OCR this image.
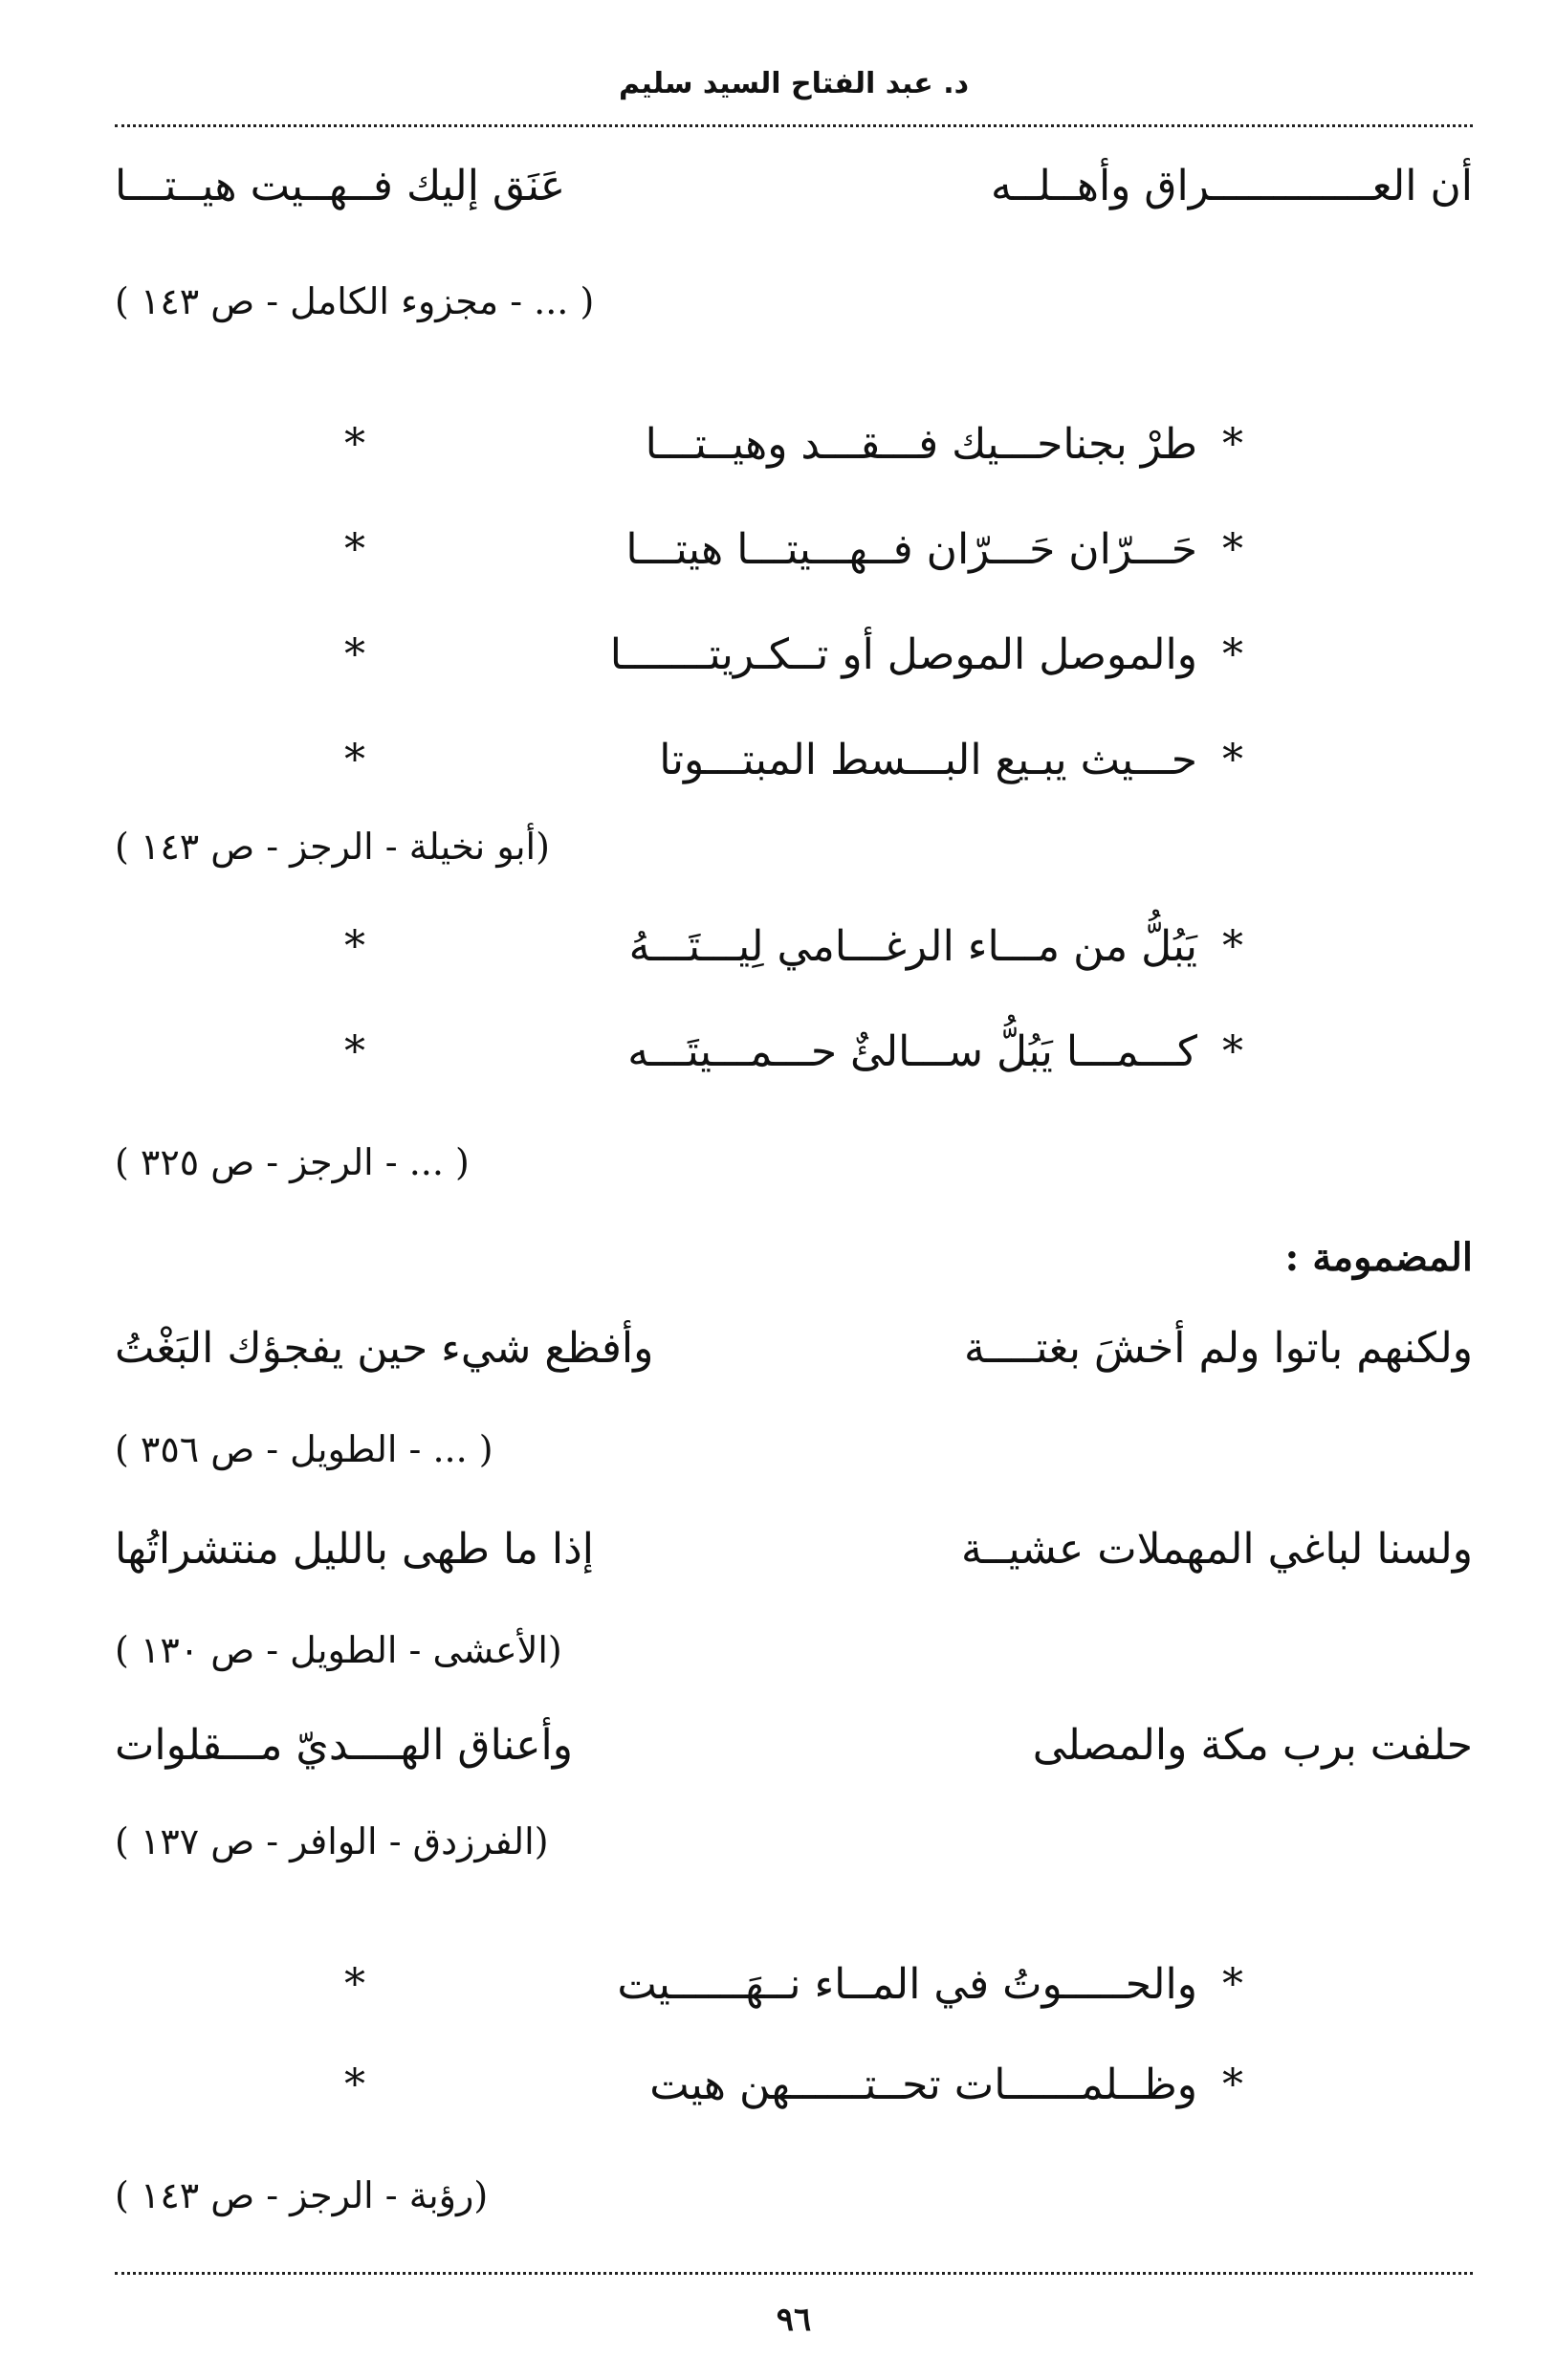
د. عبد الفتاح السيد سليم
أن العـــــــــــــراق وأهــلــه
عَنَق إليك فــهــيت هيــتـــا
( ... - مجزوء الكامل - ص ١٤٣ )
*
طرْ بجناحـــيك فـــقـــد وهيــتـــا
*
*
حَـــرّان حَـــرّان فــهـــيتـــا هيتـــا
*
*
والموصل الموصل أو تــكـريتـــــــا
*
*
حـــيث يبـيع البـــسط المبتـــوتا
*
(أبو نخيلة - الرجز - ص ١٤٣ )
*
يَبُلُّ من مـــاء الرغـــامي لِيـــتَـــهُ
*
*
كـــمـــا يَبُلُّ ســـالئٌ حـــمـــيتَـــه
*
( ... - الرجز - ص ٣٢٥ )
المضمومة :
ولكنهم باتوا ولم أخشَ بغتــــة
وأفظع شيء حين يفجؤك البَغْتُ
( ... - الطويل - ص ٣٥٦ )
ولسنا لباغي المهملات عشيــة
إذا ما طهى بالليل منتشراتُها
(الأعشى - الطويل - ص ١٣٠ )
حلفت برب مكة والمصلى
وأعناق الهــــديّ مـــقلوات
(الفرزدق - الوافر - ص ١٣٧ )
*
والحـــــوتُ في المــاء نــهَــــــيت
*
*
وظــلمــــــات تحــتــــــهن هيت
*
(رؤبة - الرجز - ص ١٤٣ )
٩٦
